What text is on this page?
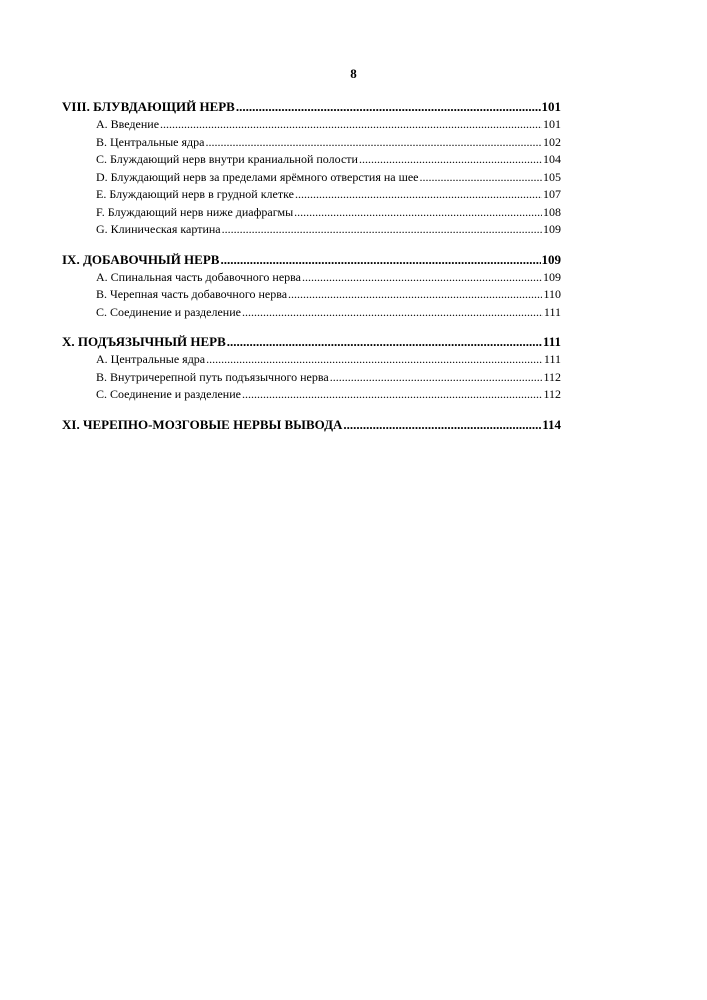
8
VIII. БЛУВДАЮЩИЙ НЕРВ .....	101
A. Введение .....	101
B. Центральные ядра .....	102
C. Блуждающий нерв внутри краниальной полости .....	104
D. Блуждающий нерв за пределами ярёмного отверстия на шее .....	105
E. Блуждающий нерв в грудной клетке .....	107
F. Блуждающий нерв ниже диафрагмы .....	108
G. Клиническая картина .....	109
IX. ДОБАВОЧНЫЙ НЕРВ .....	109
A. Спинальная часть добавочного нерва .....	109
B. Черепная часть добавочного нерва .....	110
C. Соединение и разделение .....	111
X. ПОДЪЯЗЫЧНЫЙ НЕРВ .....	111
A. Центральные ядра .....	111
B. Внутричерепной путь подъязычного нерва .....	112
C. Соединение и разделение .....	112
XI. ЧЕРЕПНО-МОЗГОВЫЕ НЕРВЫ ВЫВОДА .....	114
